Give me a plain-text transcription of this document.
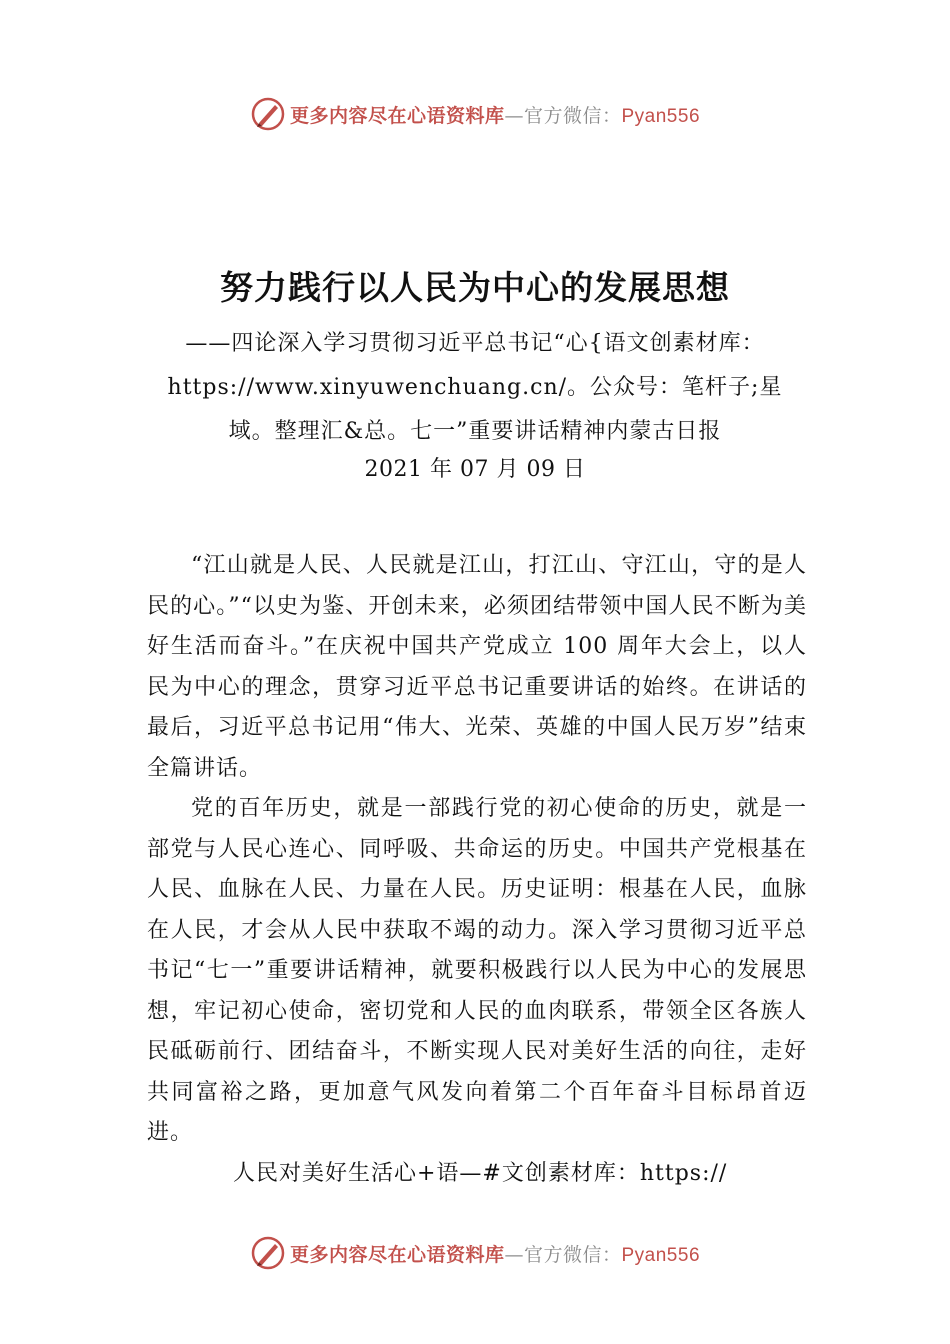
更多内容尽在心语资料库—官方微信：Pyan556
努力践行以人民为中心的发展思想
——四论深入学习贯彻习近平总书记“心{语文创素材库：https://www.xinyuwenchuang.cn/。公众号：笔杆子;星域。整理汇&总。七一”重要讲话精神内蒙古日报
2021 年 07 月 09 日

“江山就是人民、人民就是江山，打江山、守江山，守的是人民的心。”“以史为鉴、开创未来，必须团结带领中国人民不断为美好生活而奋斗。”在庆祝中国共产党成立 100 周年大会上，以人民为中心的理念，贯穿习近平总书记重要讲话的始终。在讲话的最后，习近平总书记用“伟大、光荣、英雄的中国人民万岁”结束全篇讲话。

党的百年历史，就是一部践行党的初心使命的历史，就是一部党与人民心连心、同呼吸、共命运的历史。中国共产党根基在人民、血脉在人民、力量在人民。历史证明：根基在人民，血脉在人民，才会从人民中获取不竭的动力。深入学习贯彻习近平总书记“七一”重要讲话精神，就要积极践行以人民为中心的发展思想，牢记初心使命，密切党和人民的血肉联系，带领全区各族人民砥砺前行、团结奋斗，不断实现人民对美好生活的向往，走好共同富裕之路，更加意气风发向着第二个百年奋斗目标昂首迈进。

人民对美好生活心+语—#文创素材库：https://

更多内容尽在心语资料库—官方微信：Pyan556
